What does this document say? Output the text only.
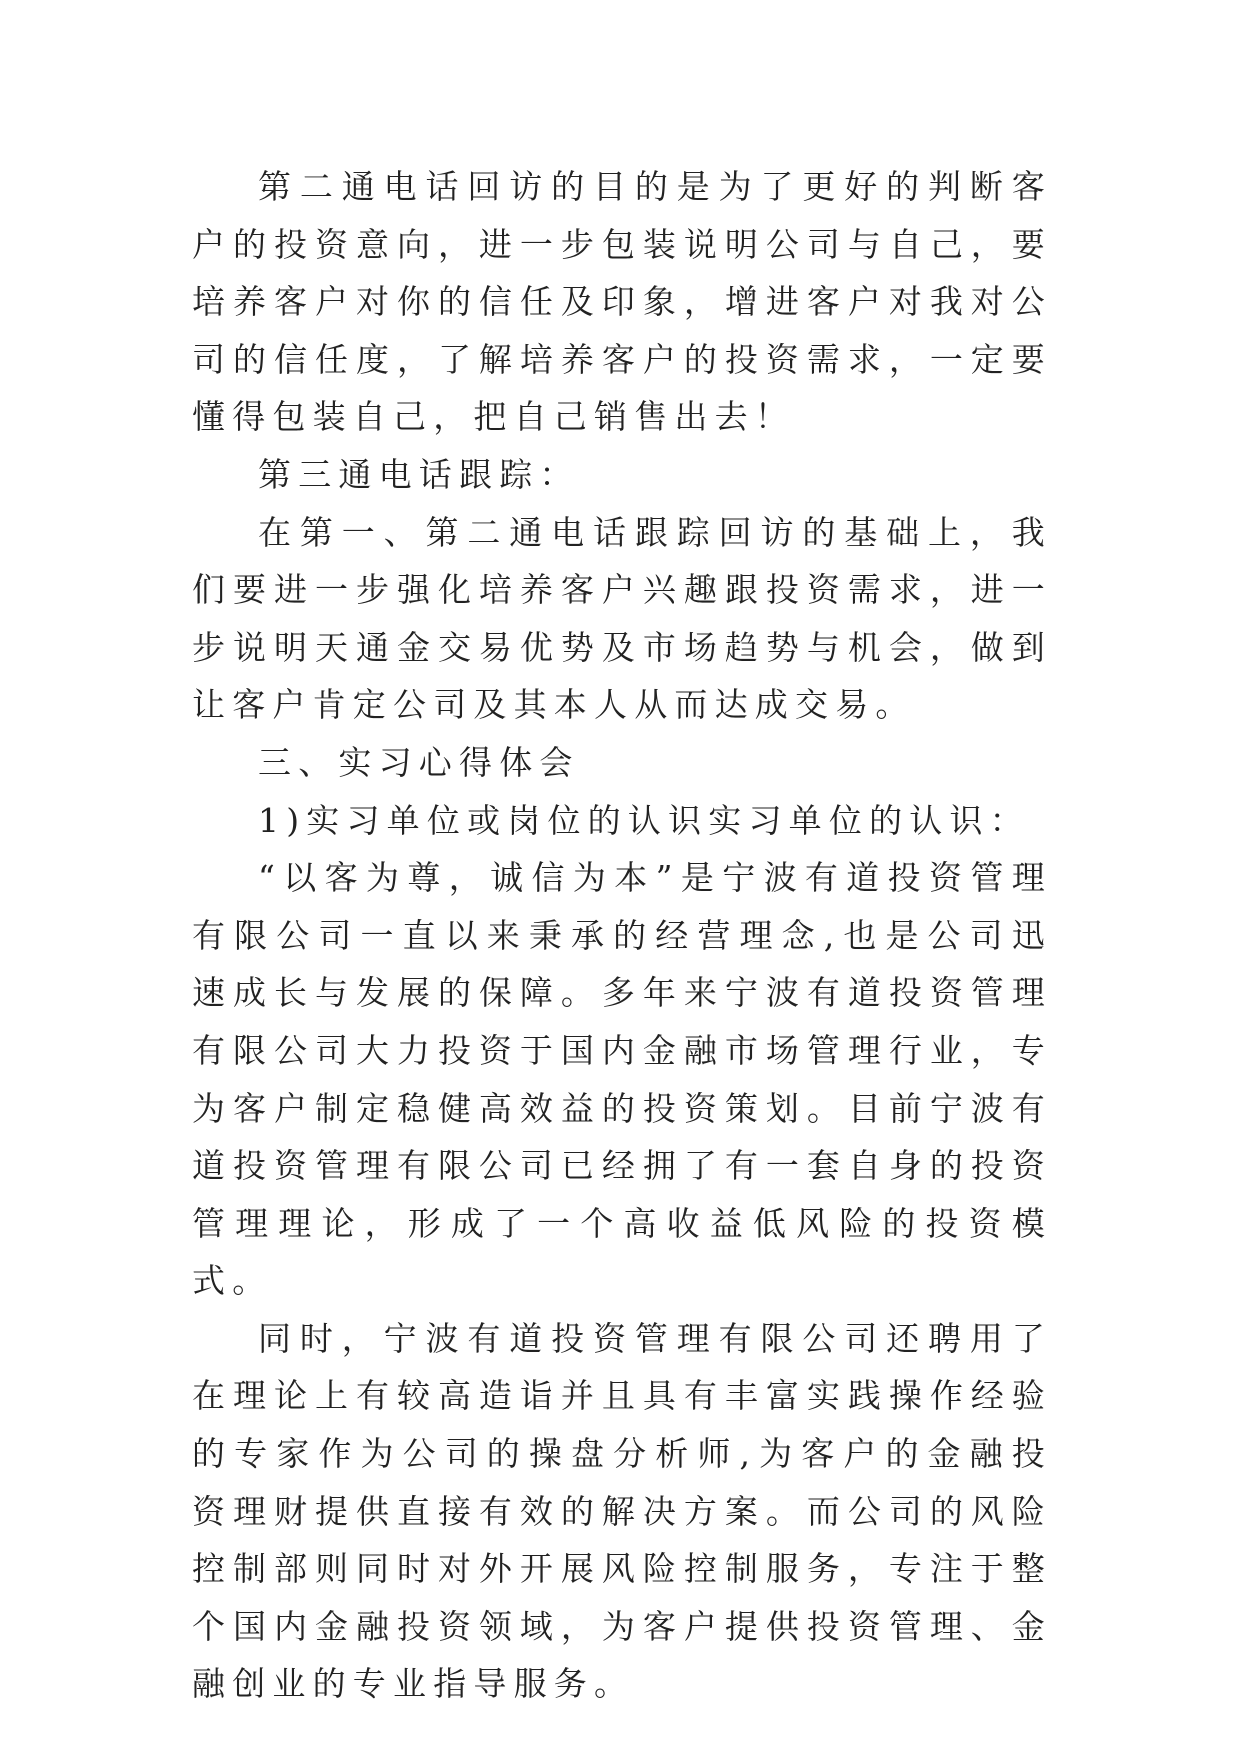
第二通电话回访的目的是为了更好的判断客户的投资意向，进一步包装说明公司与自己，要培养客户对你的信任及印象，增进客户对我对公司的信任度，了解培养客户的投资需求，一定要懂得包装自己，把自己销售出去！

第三通电话跟踪：

在第一、第二通电话跟踪回访的基础上，我们要进一步强化培养客户兴趣跟投资需求，进一步说明天通金交易优势及市场趋势与机会，做到让客户肯定公司及其本人从而达成交易。

三、实习心得体会

1)实习单位或岗位的认识实习单位的认识：

“以客为尊，诚信为本”是宁波有道投资管理有限公司一直以来秉承的经营理念,也是公司迅速成长与发展的保障。多年来宁波有道投资管理有限公司大力投资于国内金融市场管理行业，专为客户制定稳健高效益的投资策划。目前宁波有道投资管理有限公司已经拥了有一套自身的投资管理理论，形成了一个高收益低风险的投资模式。

同时，宁波有道投资管理有限公司还聘用了在理论上有较高造诣并且具有丰富实践操作经验的专家作为公司的操盘分析师,为客户的金融投资理财提供直接有效的解决方案。而公司的风险控制部则同时对外开展风险控制服务，专注于整个国内金融投资领域，为客户提供投资管理、金融创业的专业指导服务。
